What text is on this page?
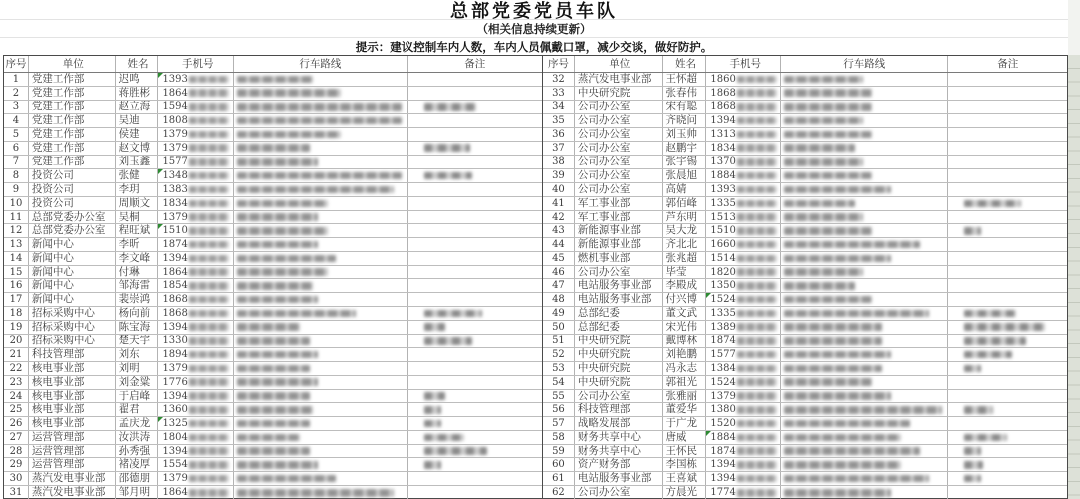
总部党委党员车队
（相关信息持续更新）
提示：建议控制车内人数，车内人员佩戴口罩，减少交谈，做好防护。
序号	单位	姓名	手机号	行车路线	备注
1	党建工作部	迟鸣	1393
2	党建工作部	蒋胜彬	1864
3	党建工作部	赵立海	1594
4	党建工作部	吴迪	1808
5	党建工作部	侯建	1379
6	党建工作部	赵文博	1379
7	党建工作部	刘玉鑫	1577
8	投资公司	张健	1348
9	投资公司	李玥	1383
10 投资公司	周顺文	1834
11 总部党委办公室	吴桐	1379
12 总部党委办公室	程旺斌	1510
13 新闻中心	李昕	1874
14 新闻中心	李文峰	1394
15 新闻中心	付琳	1864
16 新闻中心	邹海雷	1854
17 新闻中心	裴崇鸿	1868
18 招标采购中心	杨向前	1868
19 招标采购中心	陈宝海	1394
20 招标采购中心	楚天宇	1330
21 科技管理部	刘东	1894
22 核电事业部	刘明	1379
23 核电事业部	刘金粱	1776
24 核电事业部	于启峰	1394
25 核电事业部	翟君	1360
26 核电事业部	孟庆龙	1325
27 运营管理部	汝洪涛	1804
28 运营管理部	孙秀强	1394
29 运营管理部	褚凌厚	1554
30 蒸汽发电事业部	邵德朋	1379
31 蒸汽发电事业部	邹月明	1864
序号	单位	姓名	手机号	行车路线	备注
32	蒸汽发电事业部	王怀超	1860
33	中央研究院	张春伟	1868
34	公司办公室	宋有聪	1868
35	公司办公室	齐晓问	1394
36	公司办公室	刘玉帅	1313
37	公司办公室	赵鹏宇	1834
38	公司办公室	张宇锡	1370
39	公司办公室	张晨旭	1884
40	公司办公室	高婧	1393
41	军工事业部	郭佰峰	1335
42	军工事业部	芦东明	1513
43	新能源事业部	吴大龙	1510
44	新能源事业部	齐北北	1660
45	燃机事业部	张兆超	1514
46	公司办公室	毕莹	1820
47	电站服务事业部	李殿成	1350
48	电站服务事业部	付兴博	1524
49	总部纪委	董文武	1335
50	总部纪委	宋光伟	1389
51	中央研究院	戴博林	1874
52	中央研究院	刘艳鹏	1577
53	中央研究院	冯永志	1384
54	中央研究院	郭祖光	1524
55	公司办公室	张雅丽	1379
56	科技管理部	董爱华	1380
57	战略发展部	于广龙	1520
58	财务共享中心	唐威	1884
59	财务共享中心	王怀民	1874
60	资产财务部	李国栋	1394
61	电站服务事业部	王喜斌	1394
62	公司办公室	方晨光	1774
